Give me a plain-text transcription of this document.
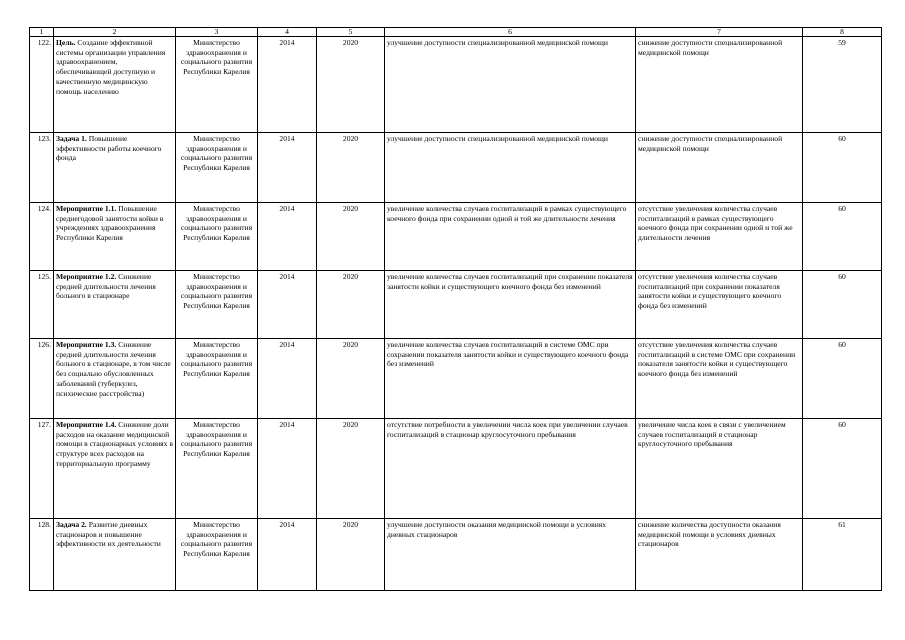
1	2	3	4	5	6	7	8
122.	Цель. Создание эффективной системы организации управления здравоохранением, обеспечивающей доступную и качественную медицинскую помощь населению	Министерство здравоохранения и социального развития Республики Карелия	2014	2020	улучшение доступности специализированной медицинской помощи	снижение доступности специализированной медицинской помощи	59
123.	Задача 1. Повышение эффективности работы коечного фонда	Министерство здравоохранения и социального развития Республики Карелия	2014	2020	улучшение доступности специализированной медицинской помощи	снижение доступности специализированной медицинской помощи	60
124.	Мероприятие 1.1. Повышение среднегодовой занятости койки в учреждениях здравоохранения Республики Карелия	Министерство здравоохранения и социального развития Республики Карелия	2014	2020	увеличение количества случаев госпитализаций в рамках существующего коечного фонда при сохранении одной и той же длительности лечения	отсутствие увеличения количества случаев госпитализаций в рамках существующего коечного фонда при сохранении одной и той же длительности лечения	60
125.	Мероприятие 1.2. Снижение средней длительности лечения больного в стационаре	Министерство здравоохранения и социального развития Республики Карелия	2014	2020	увеличение количества случаев госпитализаций при сохранении показателя занятости койки и существующего коечного фонда без изменений	отсутствие увеличения количества случаев госпитализаций при сохранении показателя занятости койки и существующего коечного фонда без изменений	60
126.	Мероприятие 1.3. Снижение средней длительности лечения больного в стационаре, в том числе без социально обусловленных заболеваний (туберкулез, психические расстройства)	Министерство здравоохранения и социального развития Республики Карелия	2014	2020	увеличение количества случаев госпитализаций в системе ОМС при сохранении показателя занятости койки и существующего коечного фонда без изменений	отсутствие увеличения количества случаев госпитализаций в системе ОМС при сохранении показателя занятости койки и существующего коечного фонда без изменений	60
127.	Мероприятие 1.4. Снижение доли расходов на оказание медицинской помощи в стационарных условиях в структуре всех расходов на территориальную программу	Министерство здравоохранения и социального развития Республики Карелия	2014	2020	отсутствие потребности в увеличении числа коек при увеличении случаев госпитализаций в стационар круглосуточного пребывания	увеличение числа коек в связи с увеличением случаев госпитализаций в стационар круглосуточного пребывания	60
128.	Задача 2. Развитие дневных стационаров и повышение эффективности их деятельности	Министерство здравоохранения и социального развития Республики Карелия	2014	2020	улучшение доступности оказания медицинской помощи в условиях дневных стационаров	снижение количества доступности оказания медицинской помощи в условиях дневных стационаров	61
